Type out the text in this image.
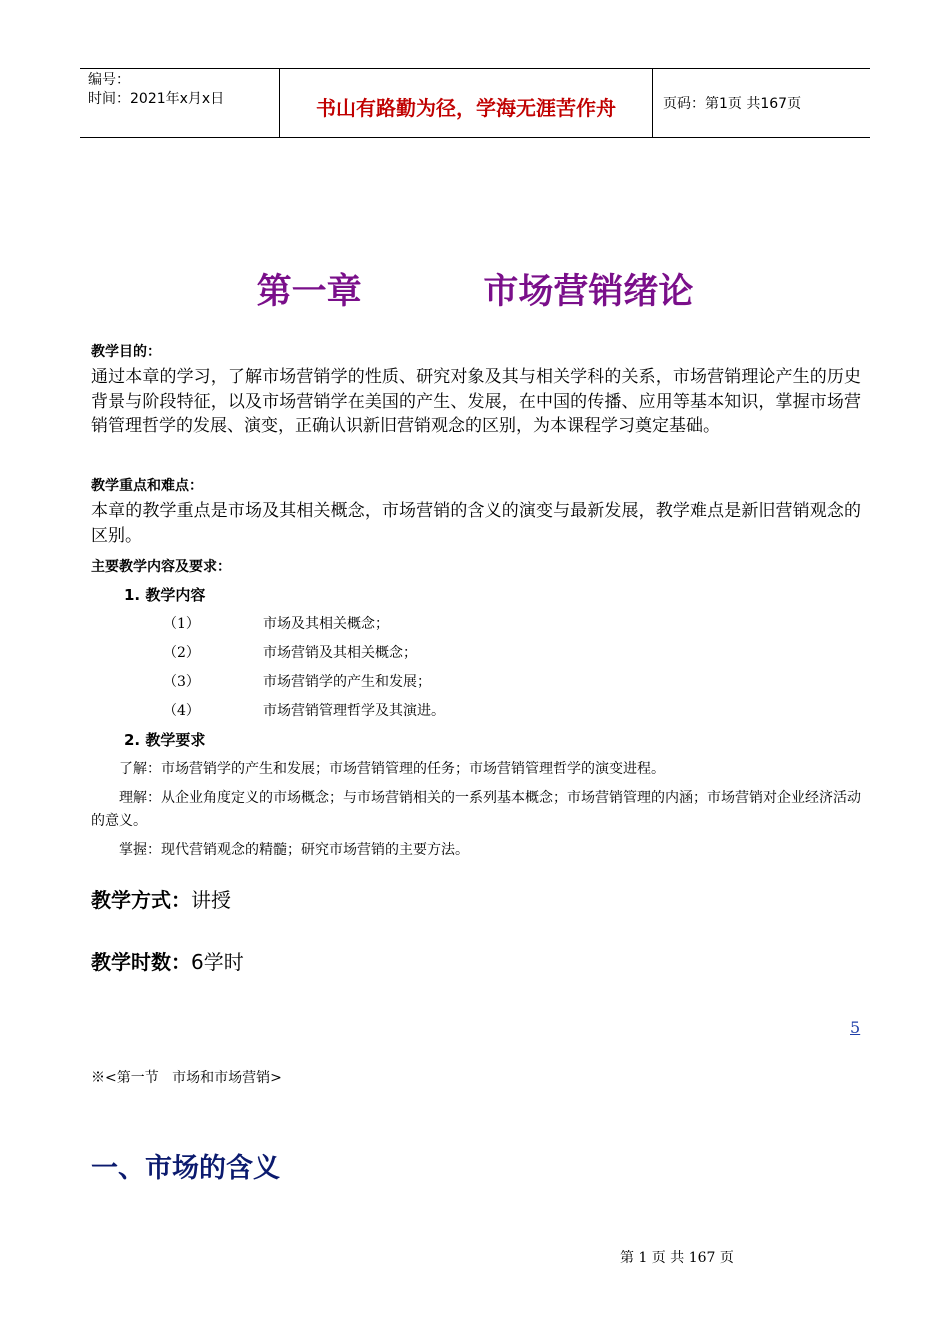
编号：
时间：2021年x月x日	书山有路勤为径，学海无涯苦作舟	页码：第1页 共167页
第一章          市场营销绪论
教学目的：
通过本章的学习，了解市场营销学的性质、研究对象及其与相关学科的关系，市场营销理论产生的历史背景与阶段特征，以及市场营销学在美国的产生、发展，在中国的传播、应用等基本知识，掌握市场营销管理哲学的发展、演变，正确认识新旧营销观念的区别，为本课程学习奠定基础。
教学重点和难点：
本章的教学重点是市场及其相关概念，市场营销的含义的演变与最新发展，教学难点是新旧营销观念的区别。
主要教学内容及要求：
1. 教学内容
（1）	市场及其相关概念；
（2）	市场营销及其相关概念；
（3）	市场营销学的产生和发展；
（4）	市场营销管理哲学及其演进。
2. 教学要求
了解：市场营销学的产生和发展；市场营销管理的任务；市场营销管理哲学的演变进程。
理解：从企业角度定义的市场概念；与市场营销相关的一系列基本概念；市场营销管理的内涵；市场营销对企业经济活动的意义。
掌握：现代营销观念的精髓；研究市场营销的主要方法。
教学方式：讲授
教学时数：6学时
5
※<第一节   市场和市场营销>
一、市场的含义
第 1 页 共 167 页
